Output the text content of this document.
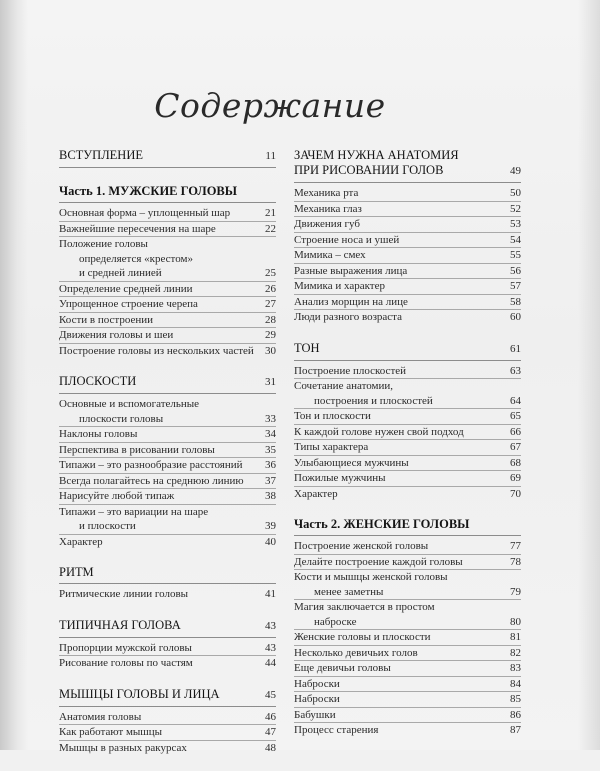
Содержание
ВСТУПЛЕНИЕ	11
Часть 1. МУЖСКИЕ ГОЛОВЫ
Основная форма – уплощенный шар	21
Важнейшие пересечения на шаре	22
Положение головы
определяется «крестом»
и средней линией	25
Определение средней линии	26
Упрощенное строение черепа	27
Кости в построении	28
Движения головы и шеи	29
Построение головы из нескольких частей	30
ПЛОСКОСТИ	31
Основные и вспомогательные
плоскости головы	33
Наклоны головы	34
Перспектива в рисовании головы	35
Типажи – это разнообразие расстояний	36
Всегда полагайтесь на среднюю линию	37
Нарисуйте любой типаж	38
Типажи – это вариации на шаре
и плоскости	39
Характер	40
РИТМ
Ритмические линии головы	41
ТИПИЧНАЯ ГОЛОВА	43
Пропорции мужской головы	43
Рисование головы по частям	44
МЫШЦЫ ГОЛОВЫ И ЛИЦА	45
Анатомия головы	46
Как работают мышцы	47
Мышцы в разных ракурсах	48
ЗАЧЕМ НУЖНА АНАТОМИЯ
ПРИ РИСОВАНИИ ГОЛОВ	49
Механика рта	50
Механика глаз	52
Движения губ	53
Строение носа и ушей	54
Мимика – смех	55
Разные выражения лица	56
Мимика и характер	57
Анализ морщин на лице	58
Люди разного возраста	60
ТОН	61
Построение плоскостей	63
Сочетание анатомии,
построения и плоскостей	64
Тон и плоскости	65
К каждой голове нужен свой подход	66
Типы характера	67
Улыбающиеся мужчины	68
Пожилые мужчины	69
Характер	70
Часть 2. ЖЕНСКИЕ ГОЛОВЫ
Построение женской головы	77
Делайте построение каждой головы	78
Кости и мышцы женской головы
менее заметны	79
Магия заключается в простом
наброске	80
Женские головы и плоскости	81
Несколько девичьих голов	82
Еще девичьи головы	83
Наброски	84
Наброски	85
Бабушки	86
Процесс старения	87
